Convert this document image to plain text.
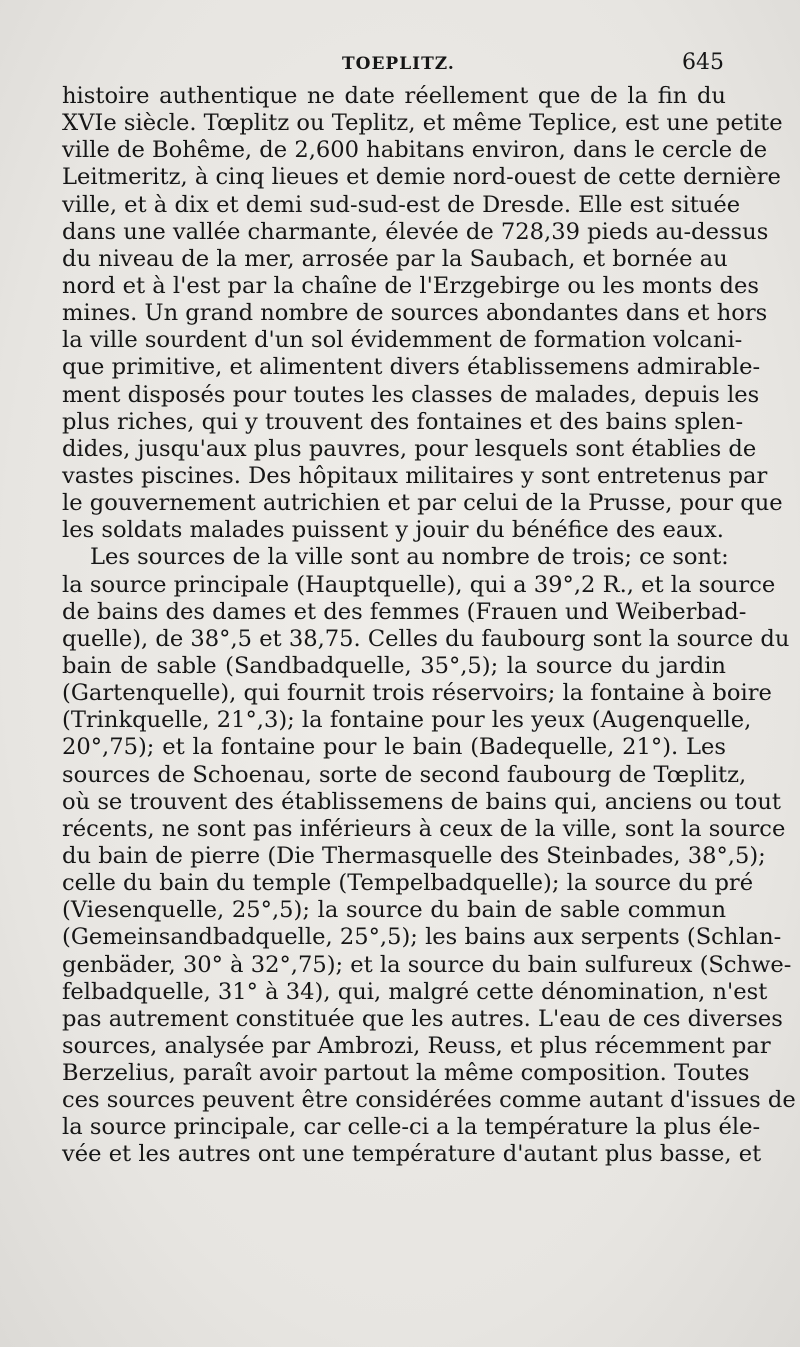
TOEPLITZ.	645
histoire authentique ne date réellement que de la fin du
XVIe siècle. Tœplitz ou Teplitz, et même Teplice, est une petite
ville de Bohême, de 2,600 habitans environ, dans le cercle de
Leitmeritz, à cinq lieues et demie nord-ouest de cette dernière
ville, et à dix et demi sud-sud-est de Dresde. Elle est située
dans une vallée charmante, élevée de 728,39 pieds au-dessus
du niveau de la mer, arrosée par la Saubach, et bornée au
nord et à l'est par la chaîne de l'Erzgebirge ou les monts des
mines. Un grand nombre de sources abondantes dans et hors
la ville sourdent d'un sol évidemment de formation volcani-
que primitive, et alimentent divers établissemens admirable-
ment disposés pour toutes les classes de malades, depuis les
plus riches, qui y trouvent des fontaines et des bains splen-
dides, jusqu'aux plus pauvres, pour lesquels sont établies de
vastes piscines. Des hôpitaux militaires y sont entretenus par
le gouvernement autrichien et par celui de la Prusse, pour que
les soldats malades puissent y jouir du bénéfice des eaux.
Les sources de la ville sont au nombre de trois; ce sont:
la source principale (Hauptquelle), qui a 39°,2 R., et la source
de bains des dames et des femmes (Frauen und Weiberbad-
quelle), de 38°,5 et 38,75. Celles du faubourg sont la source du
bain de sable (Sandbadquelle, 35°,5); la source du jardin
(Gartenquelle), qui fournit trois réservoirs; la fontaine à boire
(Trinkquelle, 21°,3); la fontaine pour les yeux (Augenquelle,
20°,75); et la fontaine pour le bain (Badequelle, 21°). Les
sources de Schoenau, sorte de second faubourg de Tœplitz,
où se trouvent des établissemens de bains qui, anciens ou tout
récents, ne sont pas inférieurs à ceux de la ville, sont la source
du bain de pierre (Die Thermasquelle des Steinbades, 38°,5);
celle du bain du temple (Tempelbadquelle); la source du pré
(Viesenquelle, 25°,5); la source du bain de sable commun
(Gemeinsandbadquelle, 25°,5); les bains aux serpents (Schlan-
genbäder, 30° à 32°,75); et la source du bain sulfureux (Schwe-
felbadquelle, 31° à 34), qui, malgré cette dénomination, n'est
pas autrement constituée que les autres. L'eau de ces diverses
sources, analysée par Ambrozi, Reuss, et plus récemment par
Berzelius, paraît avoir partout la même composition. Toutes
ces sources peuvent être considérées comme autant d'issues de
la source principale, car celle-ci a la température la plus éle-
vée et les autres ont une température d'autant plus basse, et
